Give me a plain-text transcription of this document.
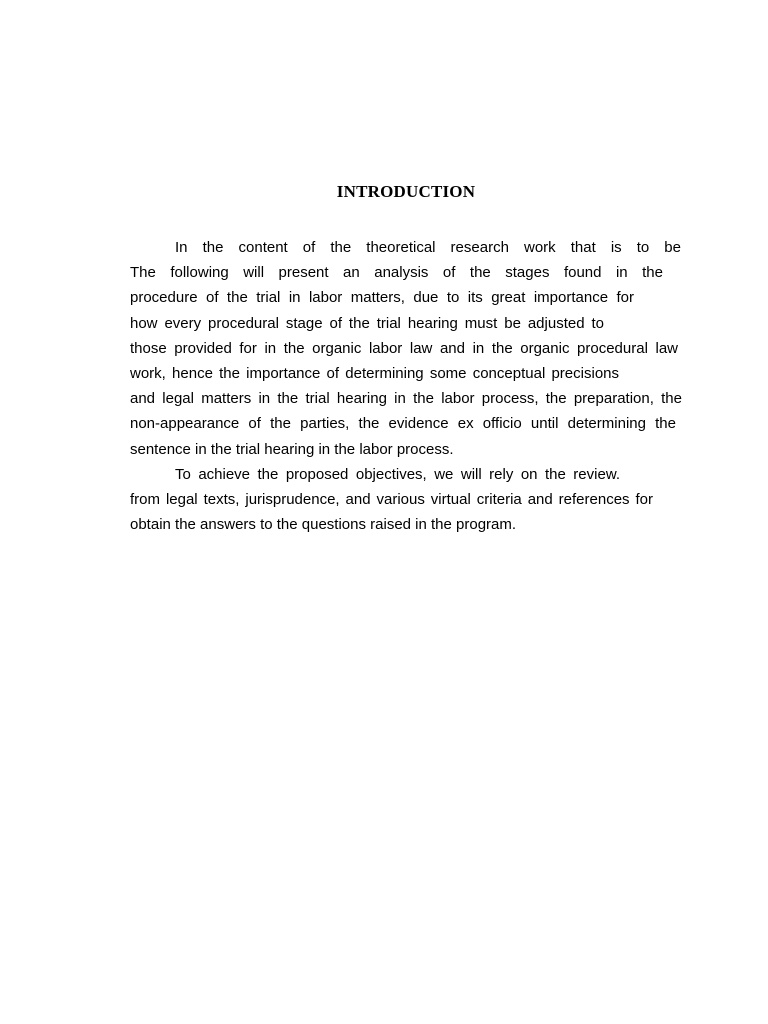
INTRODUCTION
In the content of the theoretical research work that is to be
The following will present an analysis of the stages found in the
procedure of the trial in labor matters, due to its great importance for
how every procedural stage of the trial hearing must be adjusted to
those provided for in the organic labor law and in the organic procedural law
work, hence the importance of determining some conceptual precisions
and legal matters in the trial hearing in the labor process, the preparation, the
non-appearance of the parties, the evidence ex officio until determining the
sentence in the trial hearing in the labor process.
To achieve the proposed objectives, we will rely on the review.
from legal texts, jurisprudence, and various virtual criteria and references for
obtain the answers to the questions raised in the program.
